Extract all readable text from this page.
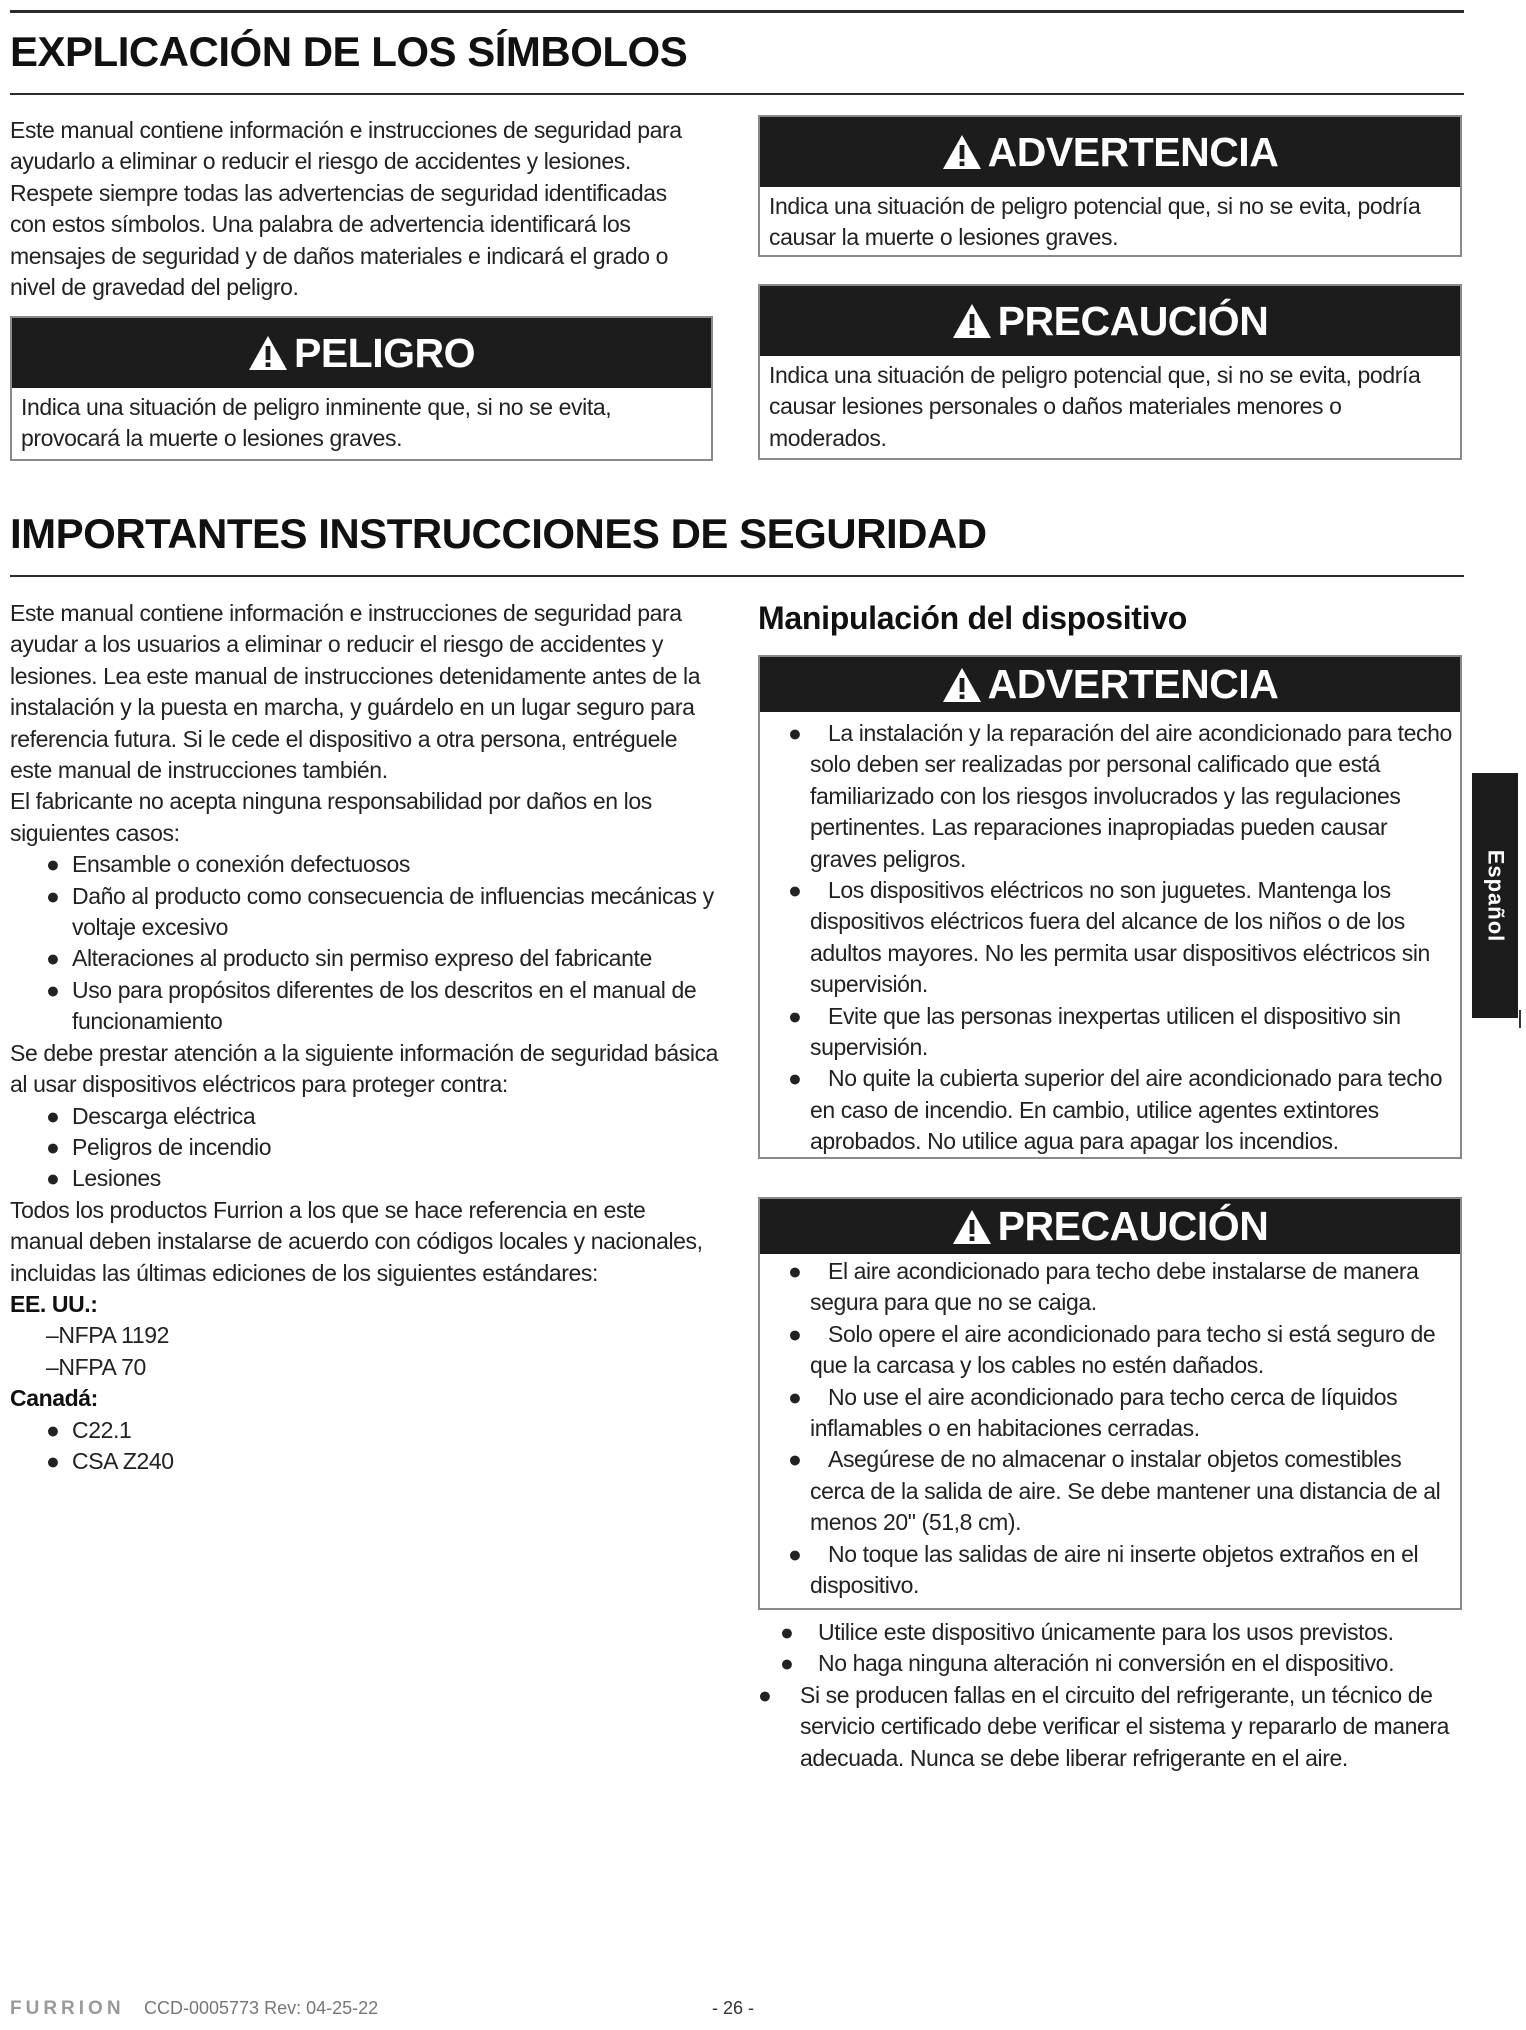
EXPLICACIÓN DE LOS SÍMBOLOS

Este manual contiene información e instrucciones de seguridad para ayudarlo a eliminar o reducir el riesgo de accidentes y lesiones. Respete siempre todas las advertencias de seguridad identificadas con estos símbolos. Una palabra de advertencia identificará los mensajes de seguridad y de daños materiales e indicará el grado o nivel de gravedad del peligro.

PELIGRO
Indica una situación de peligro inminente que, si no se evita, provocará la muerte o lesiones graves.
ADVERTENCIA
Indica una situación de peligro potencial que, si no se evita, podría causar la muerte o lesiones graves.
PRECAUCIÓN
Indica una situación de peligro potencial que, si no se evita, podría causar lesiones personales o daños materiales menores o moderados.
IMPORTANTES INSTRUCCIONES DE SEGURIDAD

Este manual contiene información e instrucciones de seguridad para ayudar a los usuarios a eliminar o reducir el riesgo de accidentes y lesiones. Lea este manual de instrucciones detenidamente antes de la instalación y la puesta en marcha, y guárdelo en un lugar seguro para referencia futura. Si le cede el dispositivo a otra persona, entréguele este manual de instrucciones también.

El fabricante no acepta ninguna responsabilidad por daños en los siguientes casos:

● Ensamble o conexión defectuosos
● Daño al producto como consecuencia de influencias mecánicas y voltaje excesivo
● Alteraciones al producto sin permiso expreso del fabricante
● Uso para propósitos diferentes de los descritos en el manual de funcionamiento

Se debe prestar atención a la siguiente información de seguridad básica al usar dispositivos eléctricos para proteger contra:

● Descarga eléctrica
● Peligros de incendio
● Lesiones

Todos los productos Furrion a los que se hace referencia en este manual deben instalarse de acuerdo con códigos locales y nacionales, incluidas las últimas ediciones de los siguientes estándares:

EE. UU.:
–NFPA 1192
–NFPA 70
Canadá:
● C22.1
● CSA Z240
Manipulación del dispositivo
ADVERTENCIA
● La instalación y la reparación del aire acondicionado para techo solo deben ser realizadas por personal calificado que está familiarizado con los riesgos involucrados y las regulaciones pertinentes. Las reparaciones inapropiadas pueden causar graves peligros.
● Los dispositivos eléctricos no son juguetes. Mantenga los dispositivos eléctricos fuera del alcance de los niños o de los adultos mayores. No les permita usar dispositivos eléctricos sin supervisión.
● Evite que las personas inexpertas utilicen el dispositivo sin supervisión.
● No quite la cubierta superior del aire acondicionado para techo en caso de incendio. En cambio, utilice agentes extintores aprobados. No utilice agua para apagar los incendios.
PRECAUCIÓN
● El aire acondicionado para techo debe instalarse de manera segura para que no se caiga.
● Solo opere el aire acondicionado para techo si está seguro de que la carcasa y los cables no estén dañados.
● No use el aire acondicionado para techo cerca de líquidos inflamables o en habitaciones cerradas.
● Asegúrese de no almacenar o instalar objetos comestibles cerca de la salida de aire. Se debe mantener una distancia de al menos 20" (51,8 cm).
● No toque las salidas de aire ni inserte objetos extraños en el dispositivo.
● Utilice este dispositivo únicamente para los usos previstos.
● No haga ninguna alteración ni conversión en el dispositivo.
● Si se producen fallas en el circuito del refrigerante, un técnico de servicio certificado debe verificar el sistema y repararlo de manera adecuada. Nunca se debe liberar refrigerante en el aire.
Español
FURRION CCD-0005773 Rev: 04-25-22	- 26 -
